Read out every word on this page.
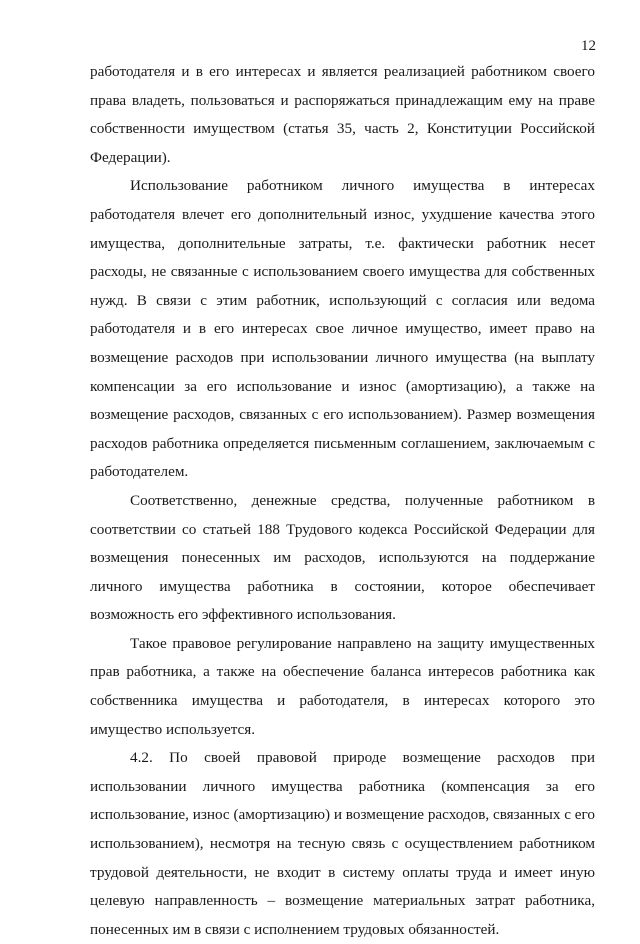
12

работодателя и в его интересах и является реализацией работником своего права владеть, пользоваться и распоряжаться принадлежащим ему на праве собственности имуществом (статья 35, часть 2, Конституции Российской Федерации).

Использование работником личного имущества в интересах работодателя влечет его дополнительный износ, ухудшение качества этого имущества, дополнительные затраты, т.е. фактически работник несет расходы, не связанные с использованием своего имущества для собственных нужд. В связи с этим работник, использующий с согласия или ведома работодателя и в его интересах свое личное имущество, имеет право на возмещение расходов при использовании личного имущества (на выплату компенсации за его использование и износ (амортизацию), а также на возмещение расходов, связанных с его использованием). Размер возмещения расходов работника определяется письменным соглашением, заключаемым с работодателем.

Соответственно, денежные средства, полученные работником в соответствии со статьей 188 Трудового кодекса Российской Федерации для возмещения понесенных им расходов, используются на поддержание личного имущества работника в состоянии, которое обеспечивает возможность его эффективного использования.

Такое правовое регулирование направлено на защиту имущественных прав работника, а также на обеспечение баланса интересов работника как собственника имущества и работодателя, в интересах которого это имущество используется.

4.2. По своей правовой природе возмещение расходов при использовании личного имущества работника (компенсация за его использование, износ (амортизацию) и возмещение расходов, связанных с его использованием), несмотря на тесную связь с осуществлением работником трудовой деятельности, не входит в систему оплаты труда и имеет иную целевую направленность – возмещение материальных затрат работника, понесенных им в связи с исполнением трудовых обязанностей.
